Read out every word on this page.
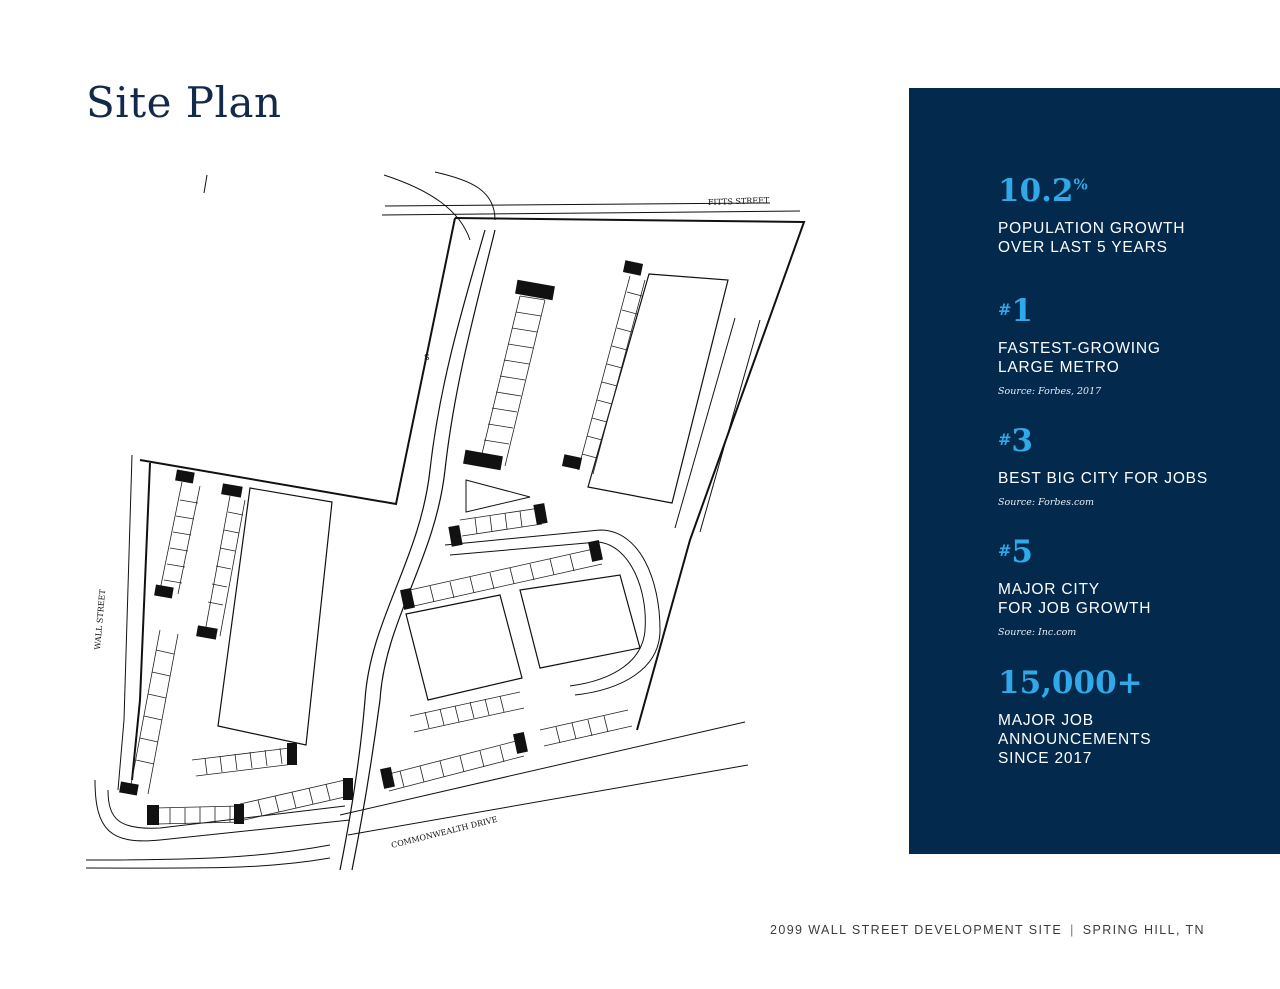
Site Plan
FITTS STREET
WALL STREET
COMMONWEALTH DRIVE
S
10.2%
POPULATION GROWTH
OVER LAST 5 YEARS
#1
FASTEST-GROWING
LARGE METRO
Source: Forbes, 2017
#3
BEST BIG CITY FOR JOBS
Source: Forbes.com
#5
MAJOR CITY
FOR JOB GROWTH
Source: Inc.com
15,000+
MAJOR JOB
ANNOUNCEMENTS
SINCE 2017
2099 WALL STREET DEVELOPMENT SITE | SPRING HILL, TN
